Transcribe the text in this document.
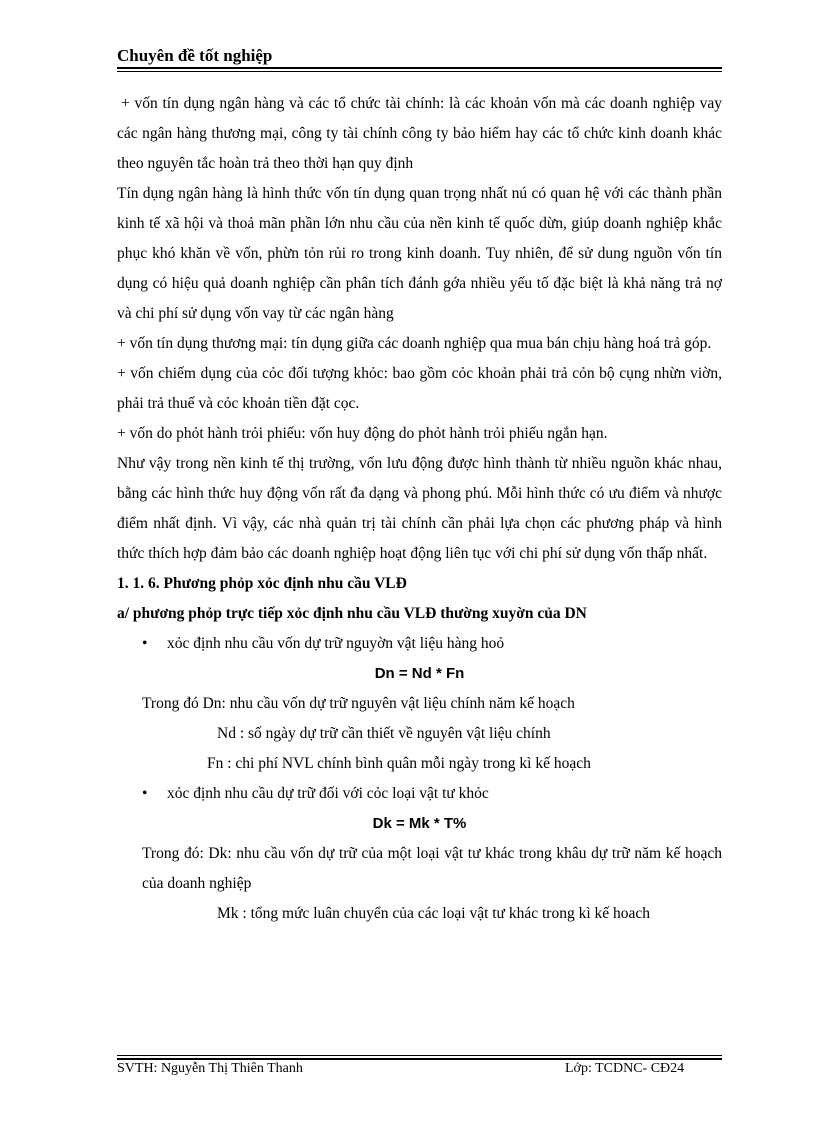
Chuyên đề tốt nghiệp

+ vốn tín dụng ngân hàng và các tổ chức tài chính: là các khoản vốn mà các doanh nghiệp vay các ngân hàng thương mại, công ty tài chính công ty bảo hiểm hay các tổ chức kinh doanh khác theo nguyên tắc hoàn trả theo thời hạn quy định

Tín dụng ngân hàng là hình thức vốn tín dụng quan trọng nhất nú có quan hệ với các thành phần kinh tế xã hội và thoả mãn phần lớn nhu cầu của nền kinh tế quốc dừn, giúp doanh nghiệp khắc phục khó khăn về vốn, phừn tỏn rủi ro trong kinh doanh. Tuy nhiên, để sử dung nguồn vốn tín dụng có hiệu quả doanh nghiệp cần phân tích đánh gớa nhiều yếu tố đặc biệt là khả năng trả nợ và chi phí sử dụng vốn vay từ các ngân hàng

+ vốn tín dụng thương mại: tín dụng giữa các doanh nghiệp qua mua bán chịu hàng hoá trả góp.

+ vốn chiếm dụng của cỏc đối tượng khỏc: bao gồm cỏc khoản phải trả cỏn bộ cụng nhừn viờn, phải trả thuế và cỏc khoản tiền đặt cọc.

+ vốn do phỏt hành trỏi phiếu: vốn huy động do phỏt hành trỏi phiếu ngắn hạn.

Như vậy trong nền kinh tế thị trường, vốn lưu động được hình thành từ nhiều nguồn khác nhau, bằng các hình thức huy động vốn rất đa dạng và phong phú. Mỗi hình thức có ưu điểm và nhược điểm nhất định. Vì vậy, các nhà quản trị tài chính cần phải lựa chọn các phương pháp và hình thức thích hợp đảm bảo các doanh nghiệp hoạt động liên tục với chi phí sử dụng vốn thấp nhất.

1. 1. 6. Phương phỏp xỏc định nhu cầu VLĐ

a/ phương phỏp trực tiếp xỏc định nhu cầu VLĐ thường xuyờn của DN

• xỏc định nhu cầu vốn dự trữ nguyờn vật liệu hàng hoỏ

Dn = Nd * Fn

Trong đó Dn: nhu cầu vốn dự trữ nguyên vật liệu chính năm kế hoạch

Nd : số ngày dự trữ cần thiết về nguyên vật liệu chính

Fn : chi phí NVL chính bình quân mỗi ngày trong kì kế hoạch

• xỏc định nhu cầu dự trữ đối với cỏc loại vật tư khỏc

Dk = Mk * T%

Trong đó: Dk: nhu cầu vốn dự trữ của một loại vật tư khác trong khâu dự trữ năm kế hoạch của doanh nghiệp

Mk : tổng mức luân chuyển của các loại vật tư khác trong kì kế hoach

SVTH: Nguyễn Thị Thiên Thanh	Lớp: TCDNC- CĐ24
